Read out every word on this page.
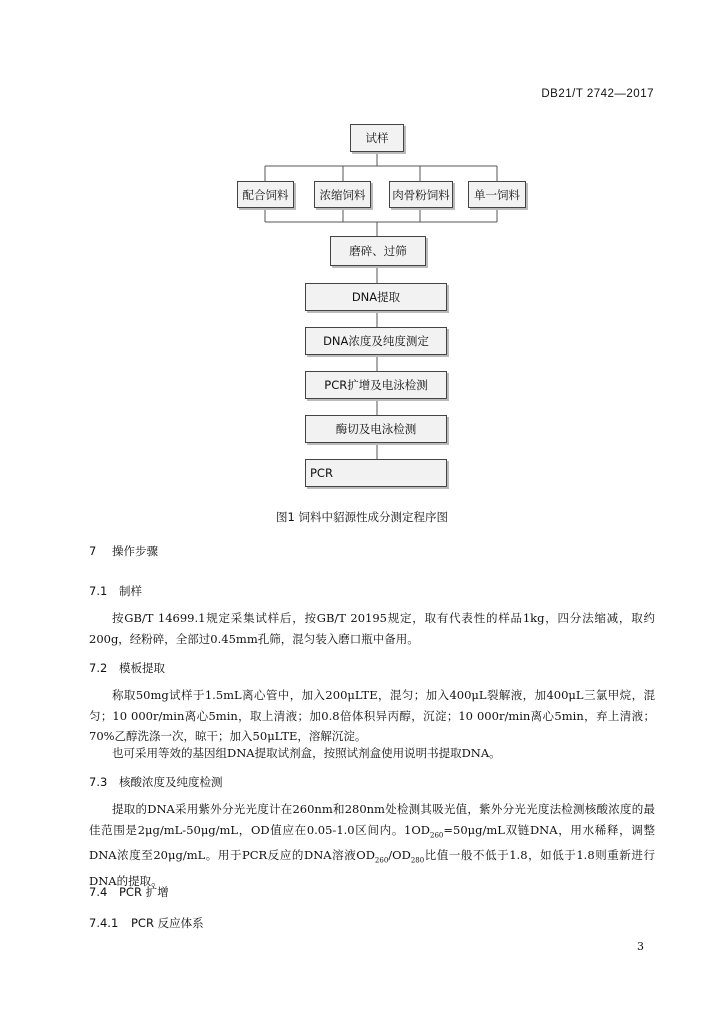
DB21/T 2742—2017
试样
配合饲料	浓缩饲料	肉骨粉饲料	单一饲料
磨碎、过筛
DNA提取
DNA浓度及纯度测定
PCR扩增及电泳检测
酶切及电泳检测
PCR
图1 饲料中貂源性成分测定程序图
7 操作步骤
7.1 制样
按GB/T 14699.1规定采集试样后，按GB/T 20195规定，取有代表性的样品1kg，四分法缩减，取约200g，经粉碎，全部过0.45mm孔筛，混匀装入磨口瓶中备用。
7.2 模板提取
称取50mg试样于1.5mL离心管中，加入200μLTE，混匀；加入400μL裂解液，加400μL三氯甲烷，混匀；10 000r/min离心5min，取上清液；加0.8倍体积异丙醇，沉淀；10 000r/min离心5min，弃上清液；70%乙醇洗涤一次，晾干；加入50μLTE，溶解沉淀。
也可采用等效的基因组DNA提取试剂盒，按照试剂盒使用说明书提取DNA。
7.3 核酸浓度及纯度检测
提取的DNA采用紫外分光光度计在260nm和280nm处检测其吸光值，紫外分光光度法检测核酸浓度的最佳范围是2μg/mL-50μg/mL，OD值应在0.05-1.0区间内。$1OD_{260}=50\mu g/mL$双链DNA，用水稀释，调整DNA浓度至20μg/mL。用于PCR反应的DNA溶液$OD_{260}/OD_{280}$比值一般不低于1.8，如低于1.8则重新进行DNA的提取。
7.4 PCR 扩增
7.4.1 PCR 反应体系
3
